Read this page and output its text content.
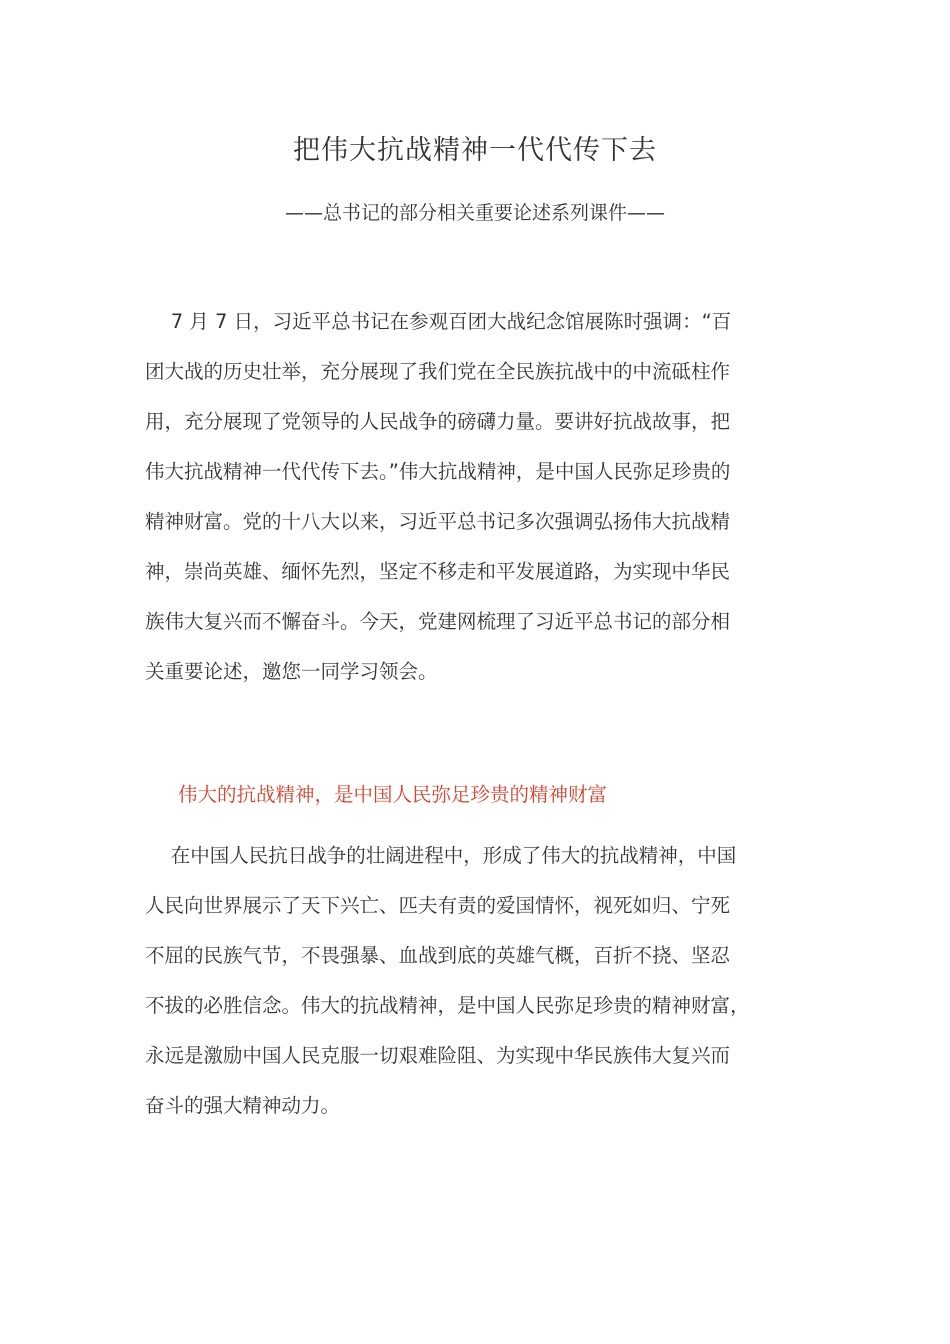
把伟大抗战精神一代代传下去
——总书记的部分相关重要论述系列课件——
　 7 月 7 日，习近平总书记在参观百团大战纪念馆展陈时强调：“百
团大战的历史壮举，充分展现了我们党在全民族抗战中的中流砥柱作
用，充分展现了党领导的人民战争的磅礴力量。要讲好抗战故事，把
伟大抗战精神一代代传下去。”伟大抗战精神，是中国人民弥足珍贵的
精神财富。党的十八大以来，习近平总书记多次强调弘扬伟大抗战精
神，崇尚英雄、缅怀先烈，坚定不移走和平发展道路，为实现中华民
族伟大复兴而不懈奋斗。今天，党建网梳理了习近平总书记的部分相
关重要论述，邀您一同学习领会。
伟大的抗战精神，是中国人民弥足珍贵的精神财富
　 在中国人民抗日战争的壮阔进程中，形成了伟大的抗战精神，中国
人民向世界展示了天下兴亡、匹夫有责的爱国情怀，视死如归、宁死
不屈的民族气节，不畏强暴、血战到底的英雄气概，百折不挠、坚忍
不拔的必胜信念。伟大的抗战精神，是中国人民弥足珍贵的精神财富，
永远是激励中国人民克服一切艰难险阻、为实现中华民族伟大复兴而
奋斗的强大精神动力。
